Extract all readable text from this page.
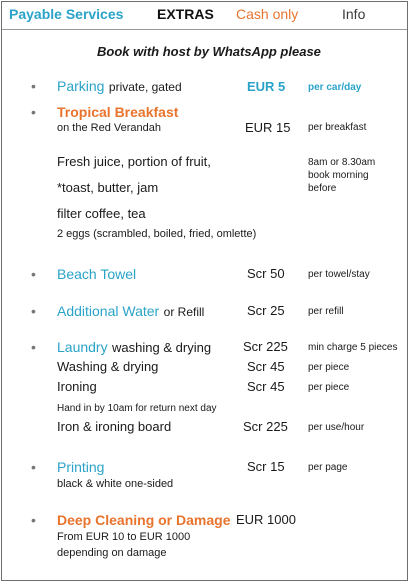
Payable Services EXTRAS Cash only	Info
Book with host by WhatsApp please
• Parking private, gated	EUR 5 per car/day
• Tropical Breakfast
on the Red Verandah	EUR 15 per breakfast
Fresh juice, portion of fruit,
*toast, butter, jam
filter coffee, tea
2 eggs (scrambled, boiled, fried, omlette)
8am or 8.30am
book morning
before
• Beach Towel	Scr 50 per towel/stay
• Additional Water or Refill	Scr 25 per refill
• Laundry washing & drying Scr 225 min charge 5 pieces
Washing & drying	Scr 45 per piece
Ironing	Scr 45 per piece
Hand in by 10am for return next day
Iron & ironing board	Scr 225 per use/hour
• Printing	Scr 15 per page
black & white one-sided
• Deep Cleaning or Damage EUR 1000
From EUR 10 to EUR 1000
depending on damage
